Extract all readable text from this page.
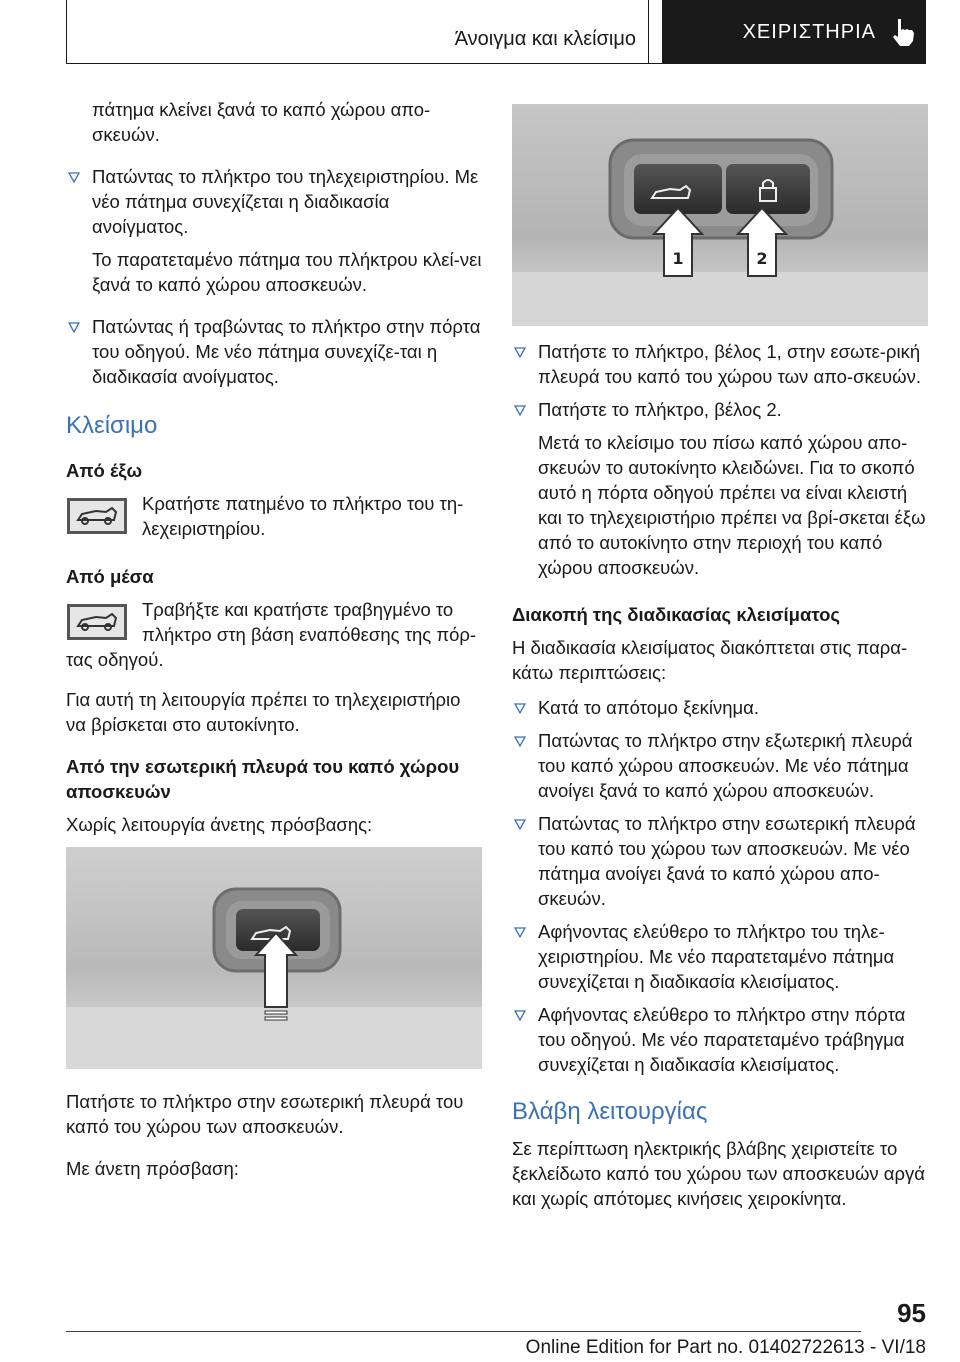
Άνοιγμα και κλείσιμο	ΧΕΙΡΙΣΤΗΡΙΑ

πάτημα κλείνει ξανά το καπό χώρου απο-σκευών.

Πατώντας το πλήκτρο του τηλεχειριστηρίου. Με νέο πάτημα συνεχίζεται η διαδικασία ανοίγματος.

Το παρατεταμένο πάτημα του πλήκτρου κλεί-νει ξανά το καπό χώρου αποσκευών.

Πατώντας ή τραβώντας το πλήκτρο στην πόρτα του οδηγού. Με νέο πάτημα συνεχίζε-ται η διαδικασία ανοίγματος.
Κλείσιμο
Από έξω
Κρατήστε πατημένο το πλήκτρο του τη-λεχειριστηρίου.
Από μέσα
Τραβήξτε και κρατήστε τραβηγμένο το πλήκτρο στη βάση εναπόθεσης της πόρ-τας οδηγού.

Για αυτή τη λειτουργία πρέπει το τηλεχειριστήριο να βρίσκεται στο αυτοκίνητο.

Από την εσωτερική πλευρά του καπό χώρου αποσκευών

Χωρίς λειτουργία άνετης πρόσβασης:

Πατήστε το πλήκτρο στην εσωτερική πλευρά του καπό του χώρου των αποσκευών.

Με άνετη πρόσβαση:

1	2
Πατήστε το πλήκτρο, βέλος 1, στην εσωτε-ρική πλευρά του καπό του χώρου των απο-σκευών.
Πατήστε το πλήκτρο, βέλος 2.

Μετά το κλείσιμο του πίσω καπό χώρου απο-σκευών το αυτοκίνητο κλειδώνει. Για το σκοπό αυτό η πόρτα οδηγού πρέπει να είναι κλειστή και το τηλεχειριστήριο πρέπει να βρί-σκεται έξω από το αυτοκίνητο στην περιοχή του καπό χώρου αποσκευών.

Διακοπή της διαδικασίας κλεισίματος

Η διαδικασία κλεισίματος διακόπτεται στις παρα-κάτω περιπτώσεις:

Κατά το απότομο ξεκίνημα.
Πατώντας το πλήκτρο στην εξωτερική πλευρά του καπό χώρου αποσκευών. Με νέο πάτημα ανοίγει ξανά το καπό χώρου αποσκευών.
Πατώντας το πλήκτρο στην εσωτερική πλευρά του καπό του χώρου των αποσκευών. Με νέο πάτημα ανοίγει ξανά το καπό χώρου απο-σκευών.
Αφήνοντας ελεύθερο το πλήκτρο του τηλε-χειριστηρίου. Με νέο παρατεταμένο πάτημα συνεχίζεται η διαδικασία κλεισίματος.
Αφήνοντας ελεύθερο το πλήκτρο στην πόρτα του οδηγού. Με νέο παρατεταμένο τράβηγμα συνεχίζεται η διαδικασία κλεισίματος.
Βλάβη λειτουργίας

Σε περίπτωση ηλεκτρικής βλάβης χειριστείτε το ξεκλείδωτο καπό του χώρου των αποσκευών αργά και χωρίς απότομες κινήσεις χειροκίνητα.

95
Online Edition for Part no. 01402722613 - VI/18
